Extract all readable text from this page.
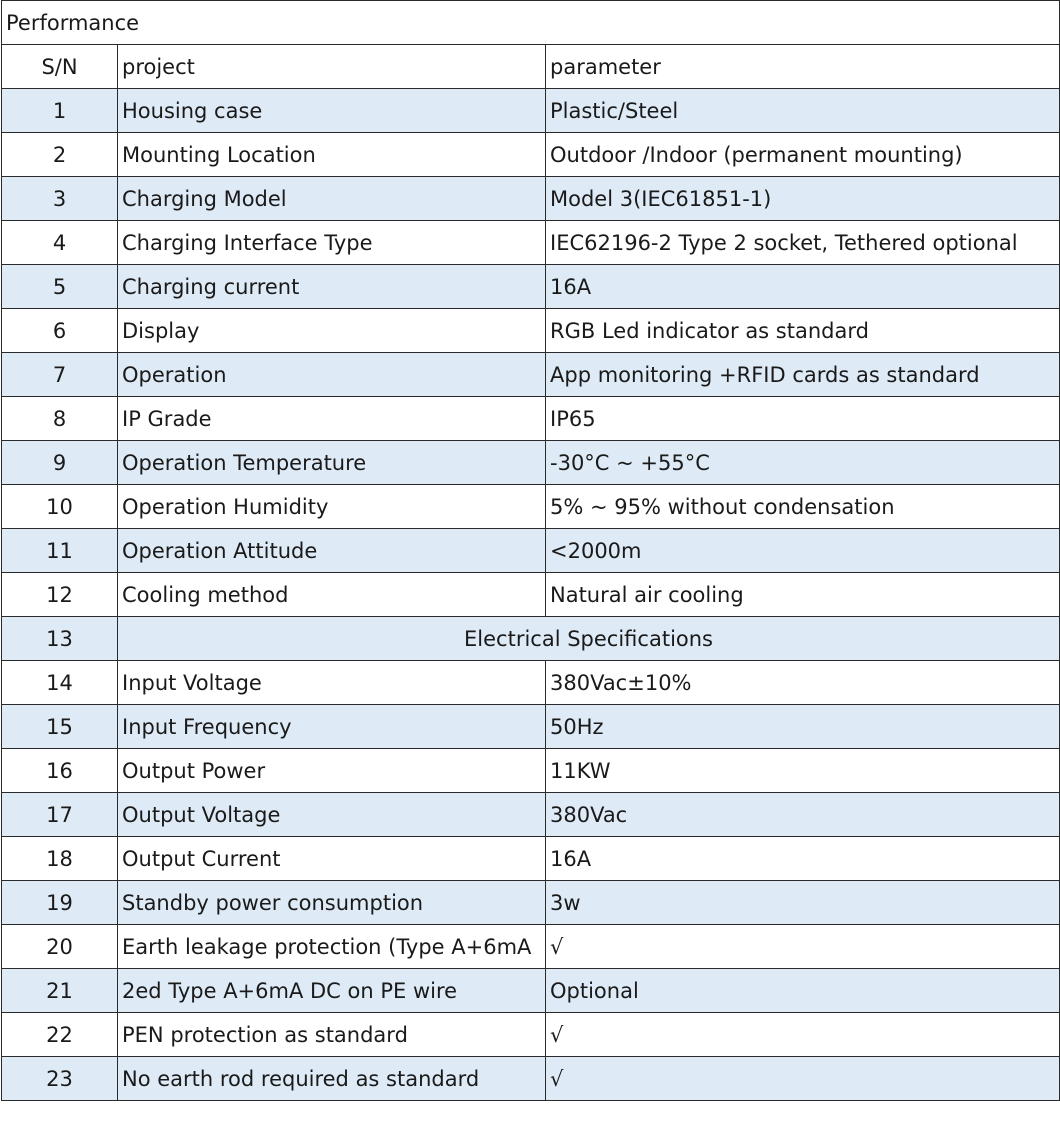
Performance		
S/N	project	parameter
1	Housing case	Plastic/Steel
2	Mounting Location	Outdoor /Indoor (permanent mounting)
3	Charging Model	Model 3(IEC61851-1)
4	Charging Interface Type	IEC62196-2 Type 2 socket, Tethered optional
5	Charging current	16A
6	Display	RGB Led indicator as standard
7	Operation	App monitoring +RFID cards as standard
8	IP Grade	IP65
9	Operation Temperature	-30°C ~ +55°C
10	Operation Humidity	5% ~ 95% without condensation
11	Operation Attitude	<2000m
12	Cooling method	Natural air cooling
13	Electrical Specifications	
14	Input Voltage	380Vac±10%
15	Input Frequency	50Hz
16	Output Power	11KW
17	Output Voltage	380Vac
18	Output Current	16A
19	Standby power consumption	3w
20	Earth leakage protection (Type A+6mA	√
21	2ed Type A+6mA DC on PE wire	Optional
22	PEN protection as standard	√
23	No earth rod required as standard	√
